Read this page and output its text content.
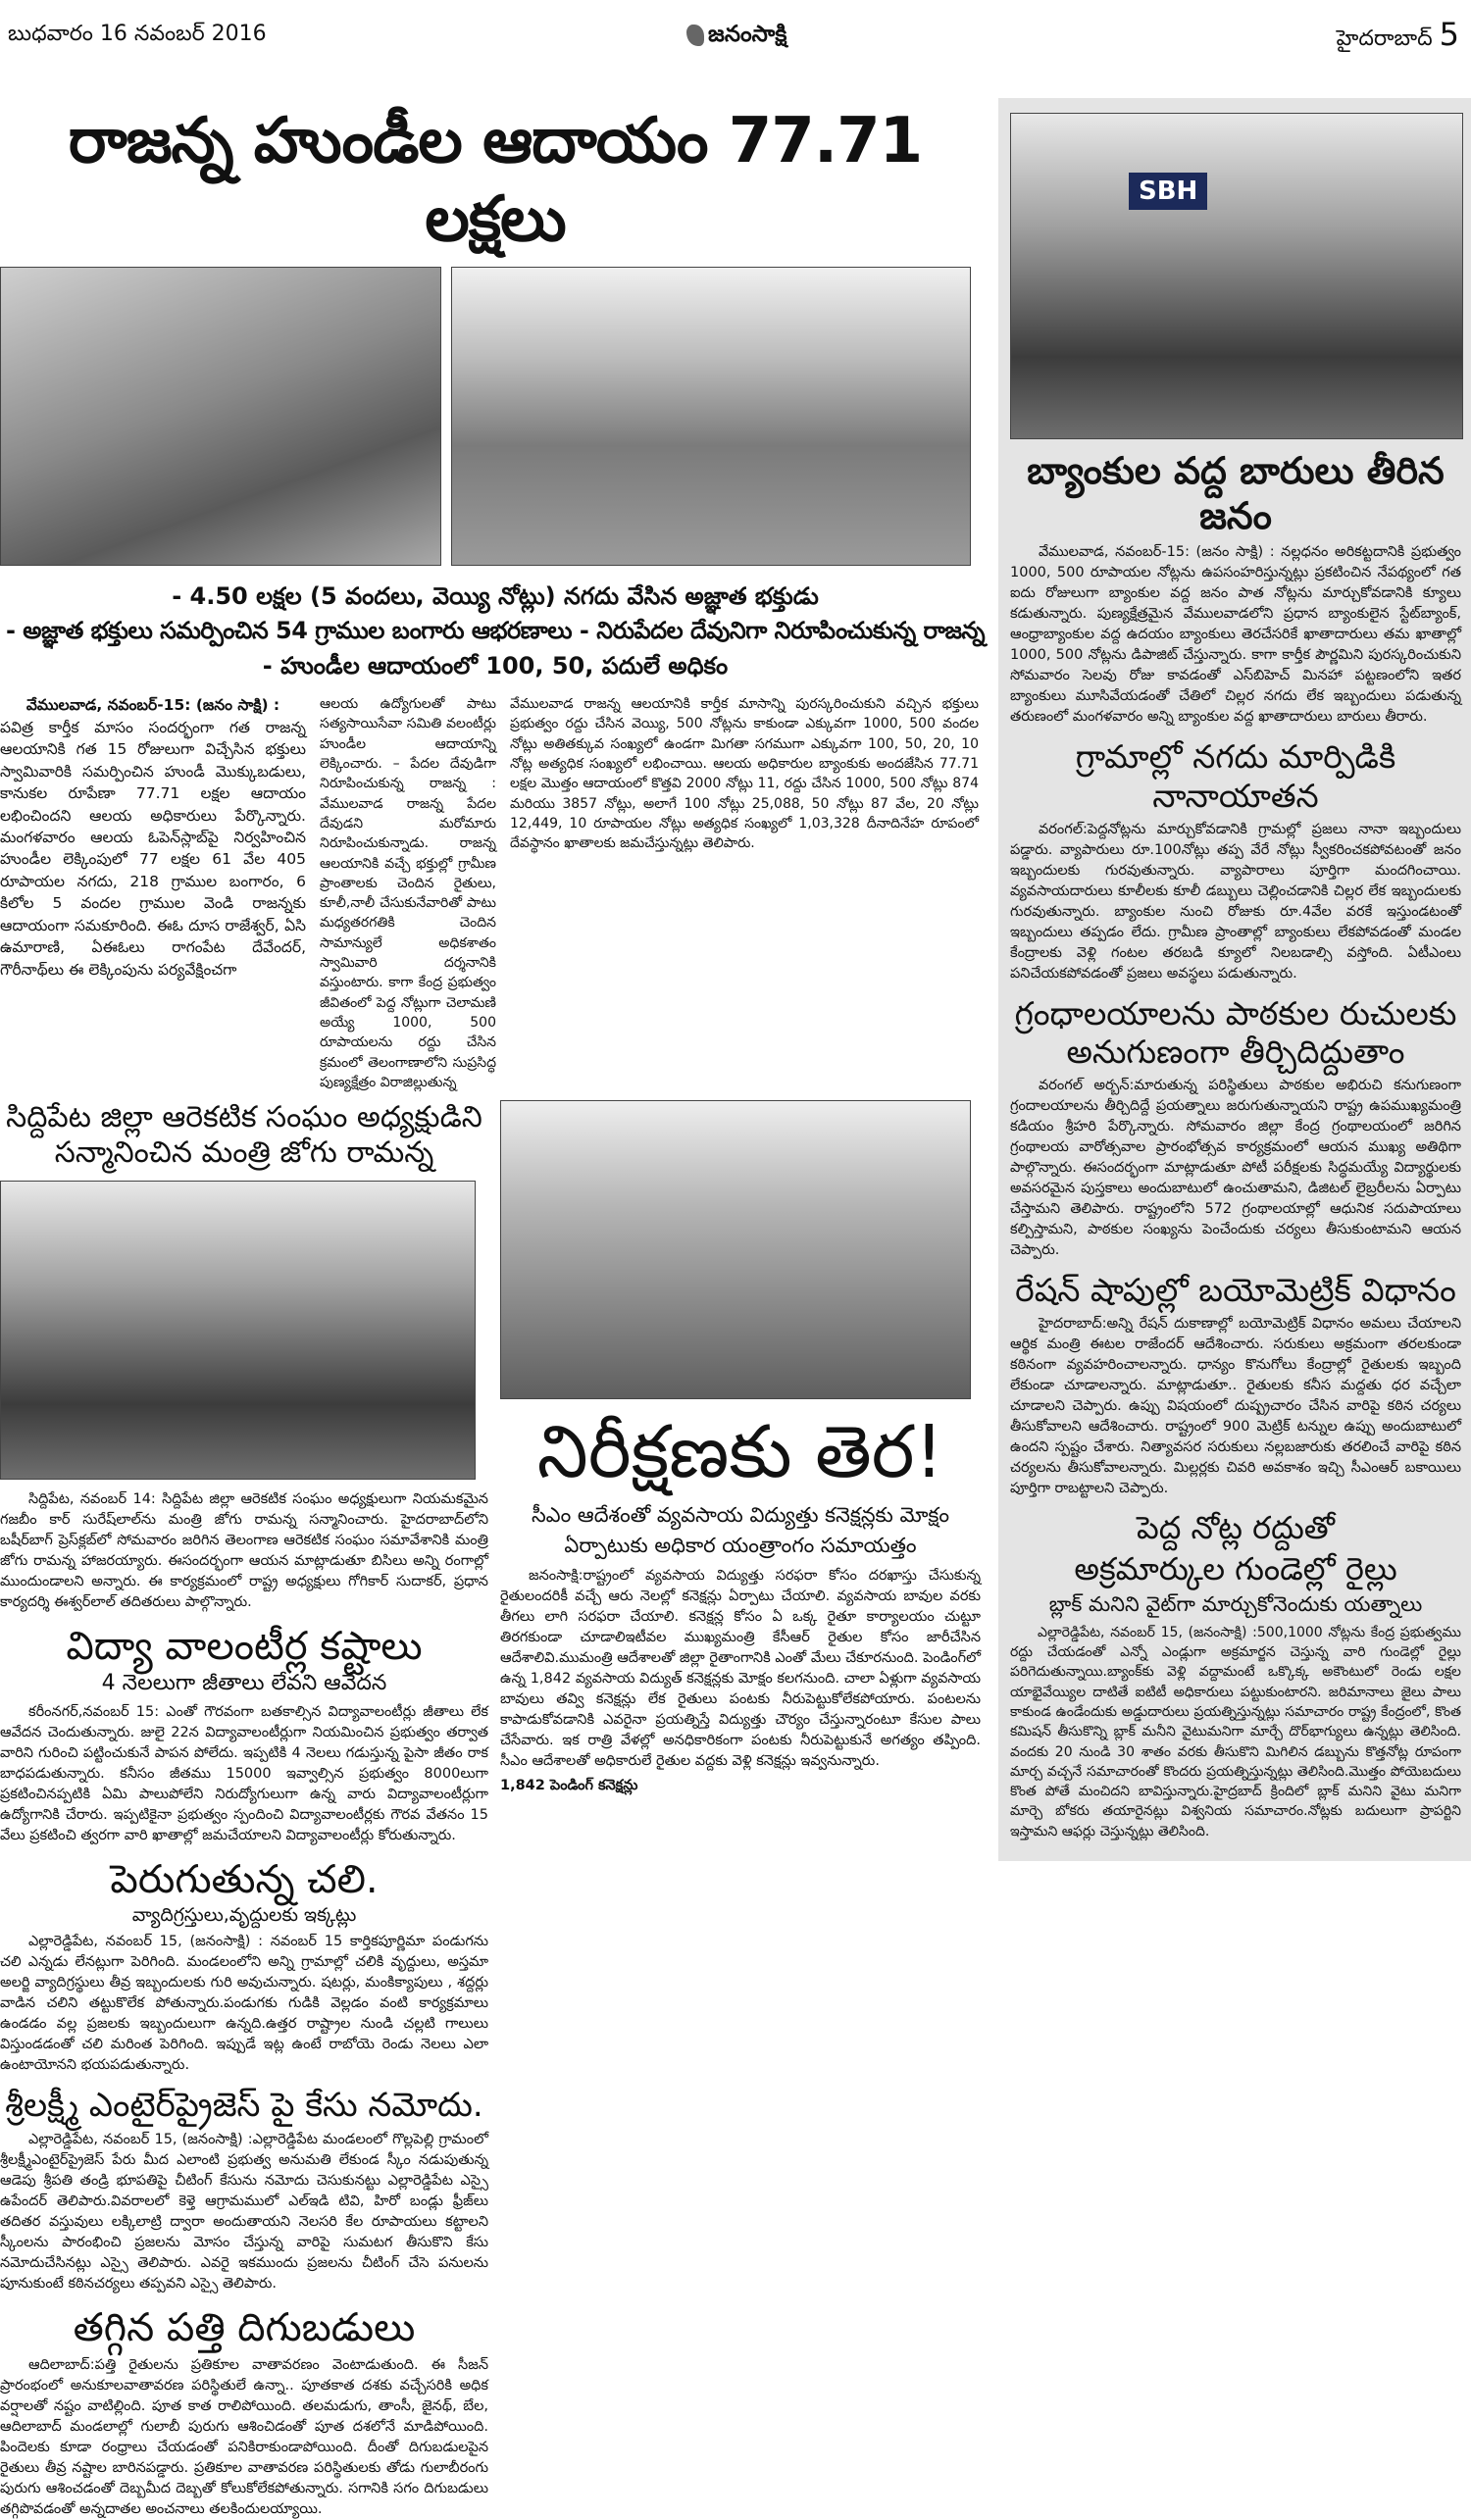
బుధవారం 16 నవంబర్ 2016	జనంసాక్షి	హైదరాబాద్ 5
రాజన్న హుండీల ఆదాయం 77.71 లక్షలు
- 4.50 లక్షల (5 వందలు, వెయ్యి నోట్లు) నగదు వేసిన అజ్ఞాత భక్తుడు
- అజ్ఞాత భక్తులు సమర్పించిన 54 గ్రాముల బంగారు ఆభరణాలు - నిరుపేదల దేవునిగా నిరూపించుకున్న రాజన్న
- హుండీల ఆదాయంలో 100, 50, పదులే అధికం
వేములవాడ, నవంబర్-15: (జనం సాక్షి) :
పవిత్ర కార్తీక మాసం సందర్భంగా గత రాజన్న ఆలయానికి గత 15 రోజులుగా విచ్చేసిన భక్తులు స్వామివారికి సమర్పించిన హుండీ మొక్కుబడులు, కానుకల రూపేణా 77.71 లక్షల ఆదాయం లభించిందని ఆలయ అధికారులు పేర్కొన్నారు. మంగళవారం ఆలయ ఓపెన్‌స్లాబ్‌పై నిర్వహించిన హుండీల లెక్కింపులో 77 లక్షల 61 వేల 405 రూపాయల నగదు, 218 గ్రాముల బంగారం, 6 కిలోల 5 వందల గ్రాముల వెండి రాజన్నకు ఆదాయంగా సమకూరింది. ఈఓ దూస రాజేశ్వర్, ఏసి ఉమారాణి, ఏఈఓలు రాగంపేట దేవేందర్, గౌరీనాథ్‌లు ఈ లెక్కింపును పర్యవేక్షించగా
ఆలయ ఉద్యోగులతో పాటు సత్యసాయిసేవా సమితి వలంటీర్లు హుండీల ఆదాయాన్ని లెక్కించారు. – పేదల దేవుడిగా నిరూపించుకున్న రాజన్న : వేములవాడ రాజన్న పేదల దేవుడని మరోమారు నిరూపించుకున్నాడు. రాజన్న ఆలయానికి వచ్చే భక్తుల్లో గ్రామీణ ప్రాంతాలకు చెందిన రైతులు, కూలీ,నాలీ చేసుకునేవారితో పాటు మధ్యతరగతికి చెందిన సామాన్యులే అధికశాతం స్వామివారి దర్శనానికి వస్తుంటారు. కాగా కేంద్ర ప్రభుత్వం జీవితంలో పెద్ద నోట్లుగా చెలామణి అయ్యే 1000, 500 రూపాయలను రద్దు చేసిన క్రమంలో తెలంగాణాలోని సుప్రసిద్ధ పుణ్యక్షేత్రం విరాజిల్లుతున్న
వేములవాడ రాజన్న ఆలయానికి కార్తీక మాసాన్ని పురస్కరించుకుని వచ్చిన భక్తులు ప్రభుత్వం రద్దు చేసిన వెయ్యి, 500 నోట్లను కాకుండా ఎక్కువగా 1000, 500 వందల నోట్లు అతితక్కువ సంఖ్యలో ఉండగా మిగతా సగముగా ఎక్కువగా 100, 50, 20, 10 నోట్ల అత్యధిక సంఖ్యలో లభించాయి. ఆలయ అధికారుల బ్యాంకుకు అందజేసిన 77.71 లక్షల మొత్తం ఆదాయంలో కొత్తవి 2000 నోట్లు 11, రద్దు చేసిన 1000, 500 నోట్లు 874 మరియు 3857 నోట్లు, అలాగే 100 నోట్లు 25,088, 50 నోట్లు 87 వేల, 20 నోట్లు 12,449, 10 రూపాయల నోట్లు అత్యధిక సంఖ్యలో 1,03,328 దీనాదినేహ రూపంలో దేవస్థానం ఖాతాలకు జమచేస్తున్నట్లు తెలిపారు.
సిద్దిపేట జిల్లా ఆరెకటిక సంఘం అధ్యక్షుడిని
సన్మానించిన మంత్రి జోగు రామన్న

సిద్దిపేట, నవంబర్ 14: సిద్దిపేట జిల్లా ఆరెకటిక సంఘం అధ్యక్షులుగా నియమకమైన గజబీం కార్ సురేష్‌లాల్‌ను మంత్రి జోగు రామన్న సన్మానించారు. హైదరాబాద్‌లోని బషీర్‌బాగ్ ప్రెస్‌క్లబ్‌లో సోమవారం జరిగిన తెలంగాణ ఆరెకటిక సంఘం సమావేశానికి మంత్రి జోగు రామన్న హాజరయ్యారు. ఈసందర్భంగా ఆయన మాట్లాడుతూ బిసిలు అన్ని రంగాల్లో ముందుండాలని అన్నారు. ఈ కార్యక్రమంలో రాష్ట్ర అధ్యక్షులు గోగికార్ సుదాకర్, ప్రధాన కార్యదర్శి ఈశ్వర్‌లాల్ తదితరులు పాల్గొన్నారు.

విద్యా వాలంటీర్ల కష్టాలు
4 నెలలుగా జీతాలు లేవని ఆవేదన

కరీంనగర్,నవంబర్ 15: ఎంతో గౌరవంగా బతకాల్సిన విద్యావాలంటీర్లు జీతాలు లేక ఆవేదన చెందుతున్నారు. జులై 22న విద్యావాలంటీర్లుగా నియమించిన ప్రభుత్వం తర్వాత వారిని గురించి పట్టించుకునే పాపన పోలేదు. ఇప్పటికి 4 నెలలు గడుస్తున్న పైసా జీతం రాక బాధపడుతున్నారు. కనీసం జీతము 15000 ఇవ్వాల్సిన ప్రభుత్వం 8000లుగా ప్రకటించినప్పటికి ఏమి పాలుపోలేని నిరుద్యోగులుగా ఉన్న వారు విద్యావాలంటీర్లుగా ఉద్యోగానికి చేరారు. ఇప్పటికైనా ప్రభుత్వం స్పందించి విద్యావాలంటీర్లకు గౌరవ వేతనం 15 వేలు ప్రకటించి త్వరగా వారి ఖాతాల్లో జమచేయాలని విద్యావాలంటీర్లు కోరుతున్నారు.

పెరుగుతున్న చలి.
వ్యాదిగ్రస్తులు,వృద్దులకు ఇక్కట్లు

ఎల్లారెడ్డిపేట, నవంబర్ 15, (జనంసాక్షి) : నవంబర్ 15 కార్తికపూర్ణిమా పండుగను చలి ఎన్నడు లేనట్లుగా పెరిగింది. మండలంలోని అన్ని గ్రామాల్లో చలికి వృద్దులు, అస్తమా అలర్జి వ్యాదిగ్రస్థులు తీవ్ర ఇబ్బందులకు గురి అవుచున్నారు. షటర్లు, మంకిక్యాపులు , శద్దర్లు వాడిన చలిని తట్టుకొలేక పోతున్నారు.పండుగకు గుడికి వెల్లడం వంటి కార్యక్రమాలు ఉండడం వల్ల ప్రజలకు ఇబ్బందులుగా ఉన్నది.ఉత్తర రాష్ట్రాల నుండి చల్లటి గాలులు విస్తుండడంతో చలి మరింత పెరిగింది. ఇప్పుడే ఇట్ల ఉంటే రాబోయె రెండు నెలలు ఎలా ఉంటాయోనని భయపడుతున్నారు.

శ్రీలక్ష్మీ ఎంటైర్‌ప్రైజెస్ పై కేసు నమోదు.

ఎల్లారెడ్డిపేట, నవంబర్ 15, (జనంసాక్షి) :ఎల్లారెడ్డిపేట మండలంలో గొల్లపెల్లి గ్రామంలో శ్రీలక్ష్మీఎంటైర్‌ప్రైజెస్ పేరు మీద ఎలాంటి ప్రభుత్వ అనుమతి లేకుండ స్కీం నడుపుతున్న ఆడెపు శ్రీపతి తండ్రి భూపతిపై చీటింగ్ కేసును నమోదు చెసుకునట్టు ఎల్లారెడ్డిపేట ఎస్సై ఉపేందర్ తెలిపారు.వివరాలలో కెళ్తె ఆగ్రామములో ఎల్ఇడి టివి, హిరో బండ్లు ఫ్రీజ్‌లు తదితర వస్తువులు లక్కిలాట్రి ద్వారా అందుతాయని నెలసరి కేల రూపాయలు కట్టాలని స్కీంలను పారంభించి ప్రజలను మోసం చేస్తున్న వారిపై సుమటగ తీసుకొని కేసు నమోదుచేసినట్లు ఎస్సై తెలిపారు. ఎవరై ఇకముందు ప్రజలను చీటింగ్ చేసె పనులను పూనుకుంటే కఠినచర్యలు తప్పవని ఎస్సై తెలిపారు.

తగ్గిన పత్తి దిగుబడులు

ఆదిలాబాద్:పత్తి రైతులను ప్రతికూల వాతావరణం వెంటాడుతుంది. ఈ సీజన్ ప్రారంభంలో అనుకూలవాతావరణ పరిస్థితులే ఉన్నా.. పూతకాత దశకు వచ్చేసరికి అధిక వర్షాలతో నష్టం వాటిల్లింది. పూత కాత రాలిపోయింది. తలమడుగు, తాంసీ, జైనథ్, బేల, ఆదిలాబాద్ మండలాల్లో గులాబీ పురుగు ఆశించిడంతో పూత దశలోనే మాడిపోయింది. పిందెలకు కూడా రంధ్రాలు చేయడంతో పనికిరాకుండాపోయింది. దీంతో దిగుబడులపైన రైతులు తీవ్ర నష్టాల బారినపడ్డారు. ప్రతికూల వాతావరణ పరిస్థితులకు తోడు గులాబీరంగు పురుగు ఆశించడంతో దెబ్బమీద దెబ్బతో కోలుకోలేకపోతున్నారు. సగానికి సగం దిగుబడులు తగ్గిపొవడంతో అన్నదాతల అంచనాలు తలకిందులయ్యాయి.

నిరీక్షణకు తెర!
సీఎం ఆదేశంతో వ్యవసాయ విద్యుత్తు కనెక్షన్లకు మోక్షం
ఏర్పాటుకు అధికార యంత్రాంగం సమాయత్తం

జనంసాక్షి:రాష్ట్రంలో వ్యవసాయ విద్యుత్తు సరఫరా కోసం దరఖాస్తు చేసుకున్న రైతులందరికీ వచ్చే ఆరు నెలల్లో కనెక్షన్లు ఏర్పాటు చేయాలి. వ్యవసాయ బావుల వరకు తీగలు లాగి సరఫరా చేయాలి. కనెక్షన్ల కోసం ఏ ఒక్క రైతూ కార్యాలయం చుట్టూ తిరగకుండా చూడాలిఇటీవల ముఖ్యమంత్రి కేసీఆర్ రైతుల కోసం జారీచేసిన ఆదేశాలివి.ముమంత్రి ఆదేశాలతో జిల్లా రైతాంగానికి ఎంతో మేలు చేకూరనుంది. పెండింగ్‌లో ఉన్న 1,842 వ్యవసాయ విద్యుత్ కనెక్షన్లకు మోక్షం కలగనుంది. చాలా ఏళ్లుగా వ్యవసాయ బావులు తవ్వి కనెక్షన్లు లేక రైతులు పంటకు నీరుపెట్టుకోలేకపోయారు. పంటలను కాపాడుకోవడానికి ఎవరైనా ప్రయత్నిస్తే విద్యుత్తు చౌర్యం చేస్తున్నారంటూ కేసుల పాలు చేసేవారు. ఇక రాత్రి వేళల్లో అనధికారికంగా పంటకు నీరుపెట్టుకునే అగత్యం తప్పింది. సీఎం ఆదేశాలతో అధికారులే రైతుల వద్దకు వెళ్లి కనెక్షన్లు ఇవ్వనున్నారు.

1,842 పెండింగ్ కనెక్షన్లు
SBH
బ్యాంకుల వద్ద బారులు తీరిన జనం

వేములవాడ, నవంబర్-15: (జనం సాక్షి) : నల్లధనం అరికట్టదానికి ప్రభుత్వం 1000, 500 రూపాయల నోట్లను ఉపసంహరిస్తున్నట్లు ప్రకటించిన నేపథ్యంలో గత ఐదు రోజులుగా బ్యాంకుల వద్ద జనం పాత నోట్లను మార్చుకోవడానికి క్యూలు కడుతున్నారు. పుణ్యక్షేత్రమైన వేములవాడలోని ప్రధాన బ్యాంకులైన స్టేట్‌బ్యాంక్, ఆంధ్రాబ్యాంకుల వద్ద ఉదయం బ్యాంకులు తెరచేసరికే ఖాతాదారులు తమ ఖాతాల్లో 1000, 500 నోట్లను డిపాజిట్ చేస్తున్నారు. కాగా కార్తీక పౌర్ణమిని పురస్కరించుకుని సోమవారం సెలవు రోజు కావడంతో ఎస్‌బిహెచ్ మినహా పట్టణంలోని ఇతర బ్యాంకులు మూసివేయడంతో చేతిలో చిల్లర నగదు లేక ఇబ్బందులు పడుతున్న తరుణంలో మంగళవారం అన్ని బ్యాంకుల వద్ద ఖాతాదారులు బారులు తీరారు.

గ్రామాల్లో నగదు మార్పిడికి నానాయాతన

వరంగల్:పెద్దనోట్లను మార్చుకోవడానికి గ్రామల్లో ప్రజలు నానా ఇబ్బందులు పడ్డారు. వ్యాపారులు రూ.100నోట్లు తప్ప వేరే నోట్లు స్వీకరించకపోవటంతో జనం ఇబ్బందులకు గురవుతున్నారు. వ్యాపారాలు పూర్తిగా మందగించాయి. వ్యవసాయదారులు కూలీలకు కూలీ డబ్బులు చెల్లించడానికి చిల్లర లేక ఇబ్బందులకు గురవుతున్నారు. బ్యాంకుల నుంచి రోజుకు రూ.4వేల వరకే ఇస్తుండటంతో ఇబ్బందులు తప్పడం లేదు. గ్రామీణ ప్రాంతాల్లో బ్యాంకులు లేకపోవడంతో మండల కేంద్రాలకు వెళ్లి గంటల తరబడి క్యూలో నిలబడాల్సి వస్తోంది. ఏటీఎంలు పనిచేయకపోవడంతో ప్రజలు అవస్థలు పడుతున్నారు.

గ్రంధాలయాలను పాఠకుల రుచులకు
అనుగుణంగా తీర్చిదిద్దుతాం

వరంగల్ అర్బన్:మారుతున్న పరిస్థితులు పాఠకుల అభిరుచి కనుగుణంగా గ్రందాలయాలను తీర్చిదిద్దే ప్రయత్నాలు జరుగుతున్నాయని రాష్ట్ర ఉపముఖ్యమంత్రి కడియం శ్రీహరి పేర్కొన్నారు. సోమవారం జిల్లా కేంద్ర గ్రంథాలయంలో జరిగిన గ్రంథాలయ వారోత్సవాల ప్రారంభోత్సవ కార్యక్రమంలో ఆయన ముఖ్య అతిథిగా పాల్గొన్నారు. ఈసందర్భంగా మాట్లాడుతూ పోటీ పరీక్షలకు సిద్ధమయ్యే విద్యార్థులకు అవసరమైన పుస్తకాలు అందుబాటులో ఉంచుతామని, డిజిటల్ లైబ్రరీలను ఏర్పాటు చేస్తామని తెలిపారు. రాష్ట్రంలోని 572 గ్రంథాలయాల్లో ఆధునిక సదుపాయాలు కల్పిస్తామని, పాఠకుల సంఖ్యను పెంచేందుకు చర్యలు తీసుకుంటామని ఆయన చెప్పారు.

రేషన్ షాపుల్లో బయోమెట్రిక్ విధానం

హైదరాబాద్:అన్ని రేషన్ దుకాణాల్లో బయోమెట్రిక్ విధానం అమలు చేయాలని ఆర్థిక మంత్రి ఈటల రాజేందర్ ఆదేశించారు. సరుకులు అక్రమంగా తరలకుండా కఠినంగా వ్యవహరించాలన్నారు. ధాన్యం కొనుగోలు కేంద్రాల్లో రైతులకు ఇబ్బంది లేకుండా చూడాలన్నారు. మాట్లాడుతూ.. రైతులకు కనీస మద్దతు ధర వచ్చేలా చూడాలని చెప్పారు. ఉప్పు విషయంలో దుష్ప్రచారం చేసిన వారిపై కఠిన చర్యలు తీసుకోవాలని ఆదేశించారు. రాష్ట్రంలో 900 మెట్రిక్ టన్నుల ఉప్పు అందుబాటులో ఉందని స్పష్టం చేశారు. నిత్యావసర సరుకులు నల్లబజారుకు తరలించే వారిపై కఠిన చర్యలను తీసుకోవాలన్నారు. మిల్లర్లకు చివరి అవకాశం ఇచ్చి సీఎంఆర్ బకాయిలు పూర్తిగా రాబట్టాలని చెప్పారు.

పెద్ద నోట్ల రద్దుతో
అక్రమార్కుల గుండెల్లో రైల్లు
బ్లాక్ మనిని వైట్‌గా మార్చుకోనెందుకు యత్నాలు

ఎల్లారెడ్డిపేట, నవంబర్ 15, (జనంసాక్షి) :500,1000 నోట్లను కేంద్ర ప్రభుత్వము రద్దు చేయడంతో ఎన్నో ఎండ్లుగా అక్రమార్జన చెస్తున్న వారి గుండెల్లో రైల్లు పరిగెదుతున్నాయి.బ్యాంక్‌కు వెళ్లి వద్దామంటే ఒక్కొక్క అకౌంటులో రెండు లక్షల యాభైవేయ్యిల దాటితే ఐటిటీ అధికారులు పట్టుకుంటారని. జరిమానాలు జైలు పాలు కాకుండ ఉండేందుకు అడ్డుదారులు ప్రయత్నిస్తున్నట్లు సమాచారం రాష్ట్ర కేంద్రంలో, కొంత కమిషన్ తీసుకొన్ని బ్లాక్ మనీని వైటుమనిగా మార్చే దొర్‌భాగ్యులు ఉన్నట్లు తెలిసింది. వందకు 20 నుండి 30 శాతం వరకు తీసుకొని మిగిలిన డబ్బును కొత్తనోట్ల రూపంగా మార్చ వచ్చనే సమాచారంతో కొందరు ప్రయత్నిస్తున్నట్లు తెలిసింది.మొత్తం పోయెబదులు కొంత పోతే మంచిదని బావిస్తున్నారు.హైద్రబాద్ క్రిందిలో బ్లాక్ మనిని వైటు మనిగా మార్చె బోకరు తయారైనట్లు విశ్వనియ సమాచారం.నోట్లకు బదులుగా ప్రాపర్టిని ఇస్తామని ఆఫర్లు చెస్తున్నట్లు తెలిసింది.
